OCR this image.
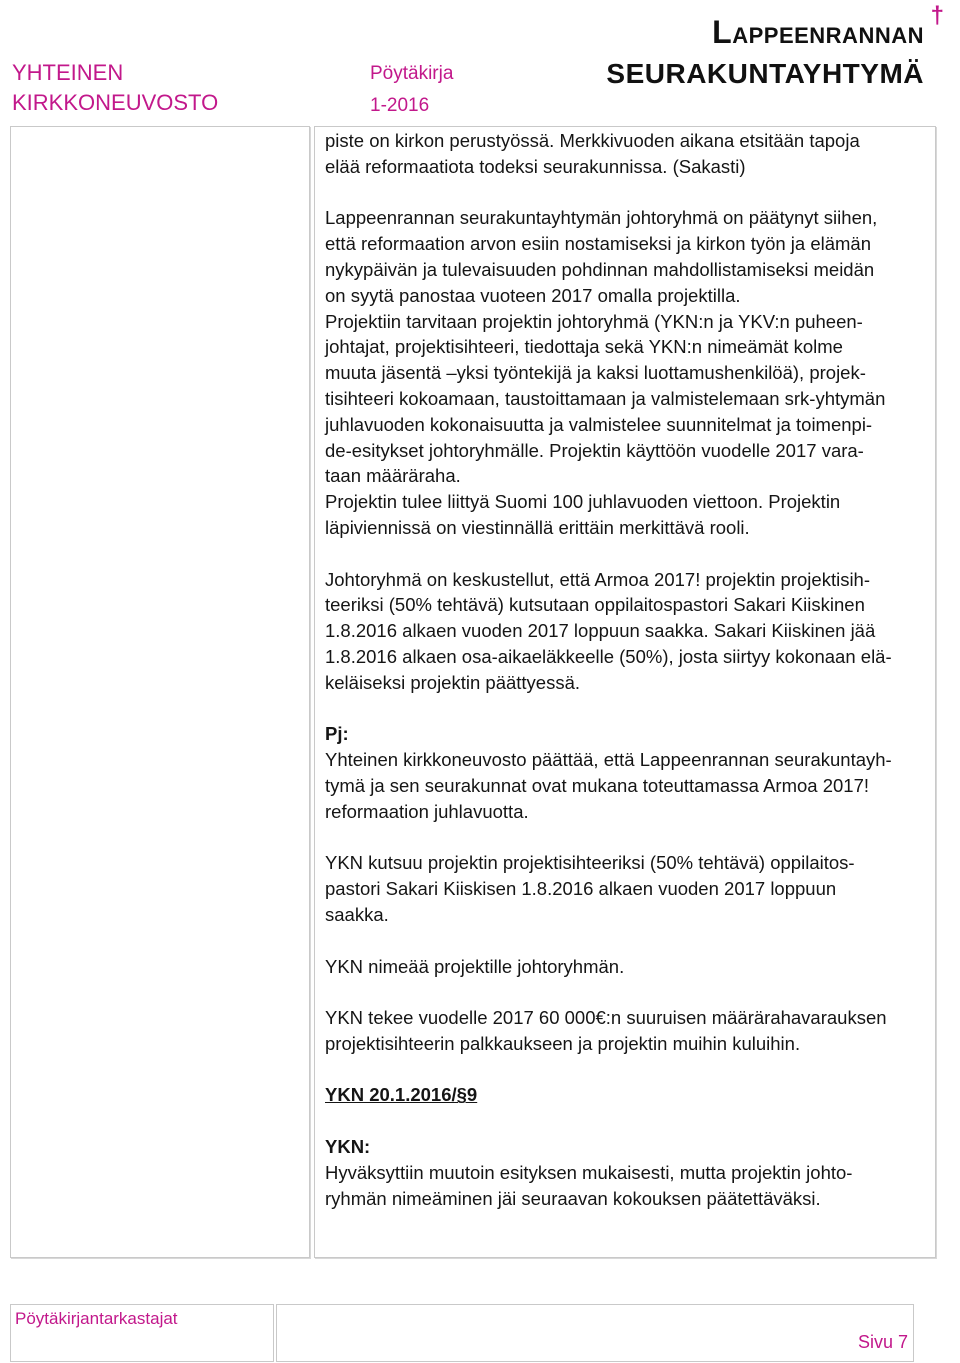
YHTEINEN
KIRKKONEUVOSTO
Pöytäkirja
1-2016
†
Lappeenrannan
SEURAKUNTAYHTYMÄ

piste on kirkon perustyössä. Merkkivuoden aikana etsitään tapoja

elää reformaatiota todeksi seurakunnissa. (Sakasti)

Lappeenrannan seurakuntayhtymän johtoryhmä on päätynyt siihen,

että reformaation arvon esiin nostamiseksi ja kirkon työn ja elämän

nykypäivän ja tulevaisuuden pohdinnan mahdollistamiseksi meidän

on syytä panostaa vuoteen 2017 omalla projektilla.

Projektiin tarvitaan projektin johtoryhmä (YKN:n ja YKV:n puheen-

johtajat, projektisihteeri, tiedottaja sekä YKN:n nimeämät kolme

muuta jäsentä –yksi työntekijä ja kaksi luottamushenkilöä), projek-

tisihteeri kokoamaan, taustoittamaan ja valmistelemaan srk-yhtymän

juhlavuoden kokonaisuutta ja valmistelee suunnitelmat ja toimenpi-

de-esitykset johtoryhmälle. Projektin käyttöön vuodelle 2017 vara-

taan määräraha.

Projektin tulee liittyä Suomi 100 juhlavuoden viettoon. Projektin

läpiviennissä on viestinnällä erittäin merkittävä rooli.

Johtoryhmä on keskustellut, että Armoa 2017! projektin projektisih-

teeriksi (50% tehtävä) kutsutaan oppilaitospastori Sakari Kiiskinen

1.8.2016 alkaen vuoden 2017 loppuun saakka. Sakari Kiiskinen jää

1.8.2016 alkaen osa-aikaeläkkeelle (50%), josta siirtyy kokonaan elä-

keläiseksi projektin päättyessä.

Pj:

Yhteinen kirkkoneuvosto päättää, että Lappeenrannan seurakuntayh-

tymä ja sen seurakunnat ovat mukana toteuttamassa Armoa 2017!

reformaation juhlavuotta.

YKN kutsuu projektin projektisihteeriksi (50% tehtävä) oppilaitos-

pastori Sakari Kiiskisen 1.8.2016 alkaen vuoden 2017 loppuun

saakka.

YKN nimeää projektille johtoryhmän.

YKN tekee vuodelle 2017 60 000€:n suuruisen määrärahavarauksen

projektisihteerin palkkaukseen ja projektin muihin kuluihin.

YKN 20.1.2016/§9

YKN:

Hyväksyttiin muutoin esityksen mukaisesti, mutta projektin johto-

ryhmän nimeäminen jäi seuraavan kokouksen päätettäväksi.

Pöytäkirjantarkastajat
Sivu 7
